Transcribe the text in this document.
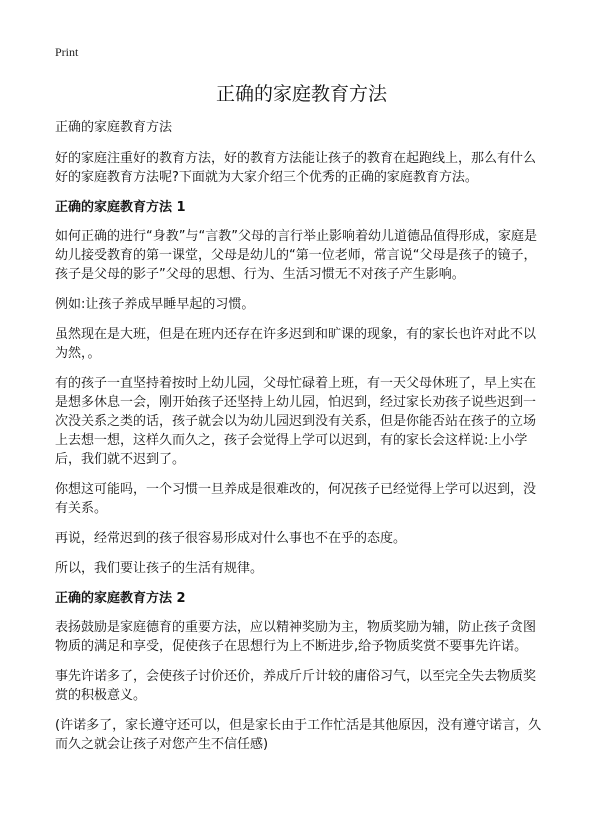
Print
正确的家庭教育方法

正确的家庭教育方法

好的家庭注重好的教育方法，好的教育方法能让孩子的教育在起跑线上，那么有什么好的家庭教育方法呢?下面就为大家介绍三个优秀的正确的家庭教育方法。

正确的家庭教育方法 1

如何正确的进行“身教”与“言教”父母的言行举止影响着幼儿道德品值得形成，家庭是幼儿接受教育的第一课堂，父母是幼儿的“第一位老师，常言说“父母是孩子的镜子，孩子是父母的影子”父母的思想、行为、生活习惯无不对孩子产生影响。

例如:让孩子养成早睡早起的习惯。

虽然现在是大班，但是在班内还存在许多迟到和旷课的现象，有的家长也许对此不以为然，。

有的孩子一直坚持着按时上幼儿园，父母忙碌着上班，有一天父母休班了，早上实在是想多休息一会，刚开始孩子还坚持上幼儿园，怕迟到，经过家长劝孩子说些迟到一次没关系之类的话，孩子就会以为幼儿园迟到没有关系，但是你能否站在孩子的立场上去想一想，这样久而久之，孩子会觉得上学可以迟到，有的家长会这样说:上小学后，我们就不迟到了。

你想这可能吗，一个习惯一旦养成是很难改的，何况孩子已经觉得上学可以迟到，没有关系。

再说，经常迟到的孩子很容易形成对什么事也不在乎的态度。

所以，我们要让孩子的生活有规律。

正确的家庭教育方法 2

表扬鼓励是家庭德育的重要方法，应以精神奖励为主，物质奖励为辅，防止孩子贪图物质的满足和享受，促使孩子在思想行为上不断进步,给予物质奖赏不要事先许诺。

事先许诺多了，会使孩子讨价还价，养成斤斤计较的庸俗习气，以至完全失去物质奖赏的积极意义。

(许诺多了，家长遵守还可以，但是家长由于工作忙活是其他原因，没有遵守诺言，久而久之就会让孩子对您产生不信任感)
